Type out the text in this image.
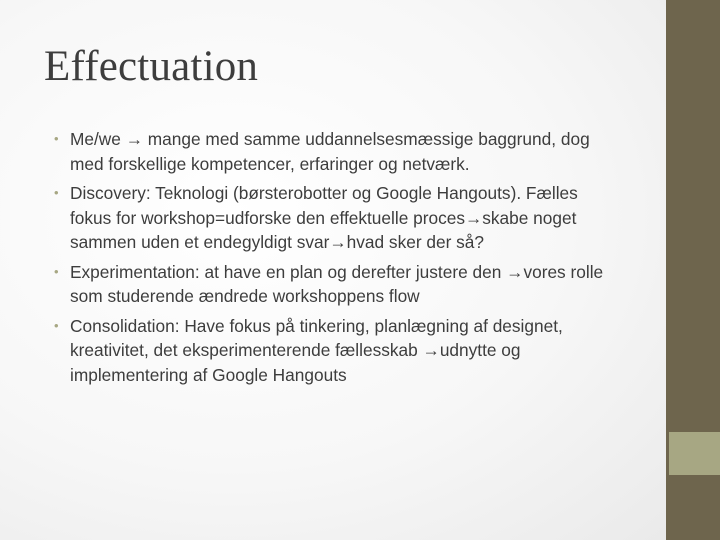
Effectuation
• Me/we → mange med samme uddannelsesmæssige baggrund, dog med forskellige kompetencer, erfaringer og netværk.
• Discovery: Teknologi (børsterobotter og Google Hangouts). Fælles fokus for workshop=udforske den effektuelle proces→skabe noget sammen uden et endegyldigt svar→hvad sker der så?
• Experimentation: at have en plan og derefter justere den →vores rolle som studerende ændrede workshoppens flow
• Consolidation: Have fokus på tinkering, planlægning af designet, kreativitet, det eksperimenterende fællesskab →udnytte og implementering af Google Hangouts
